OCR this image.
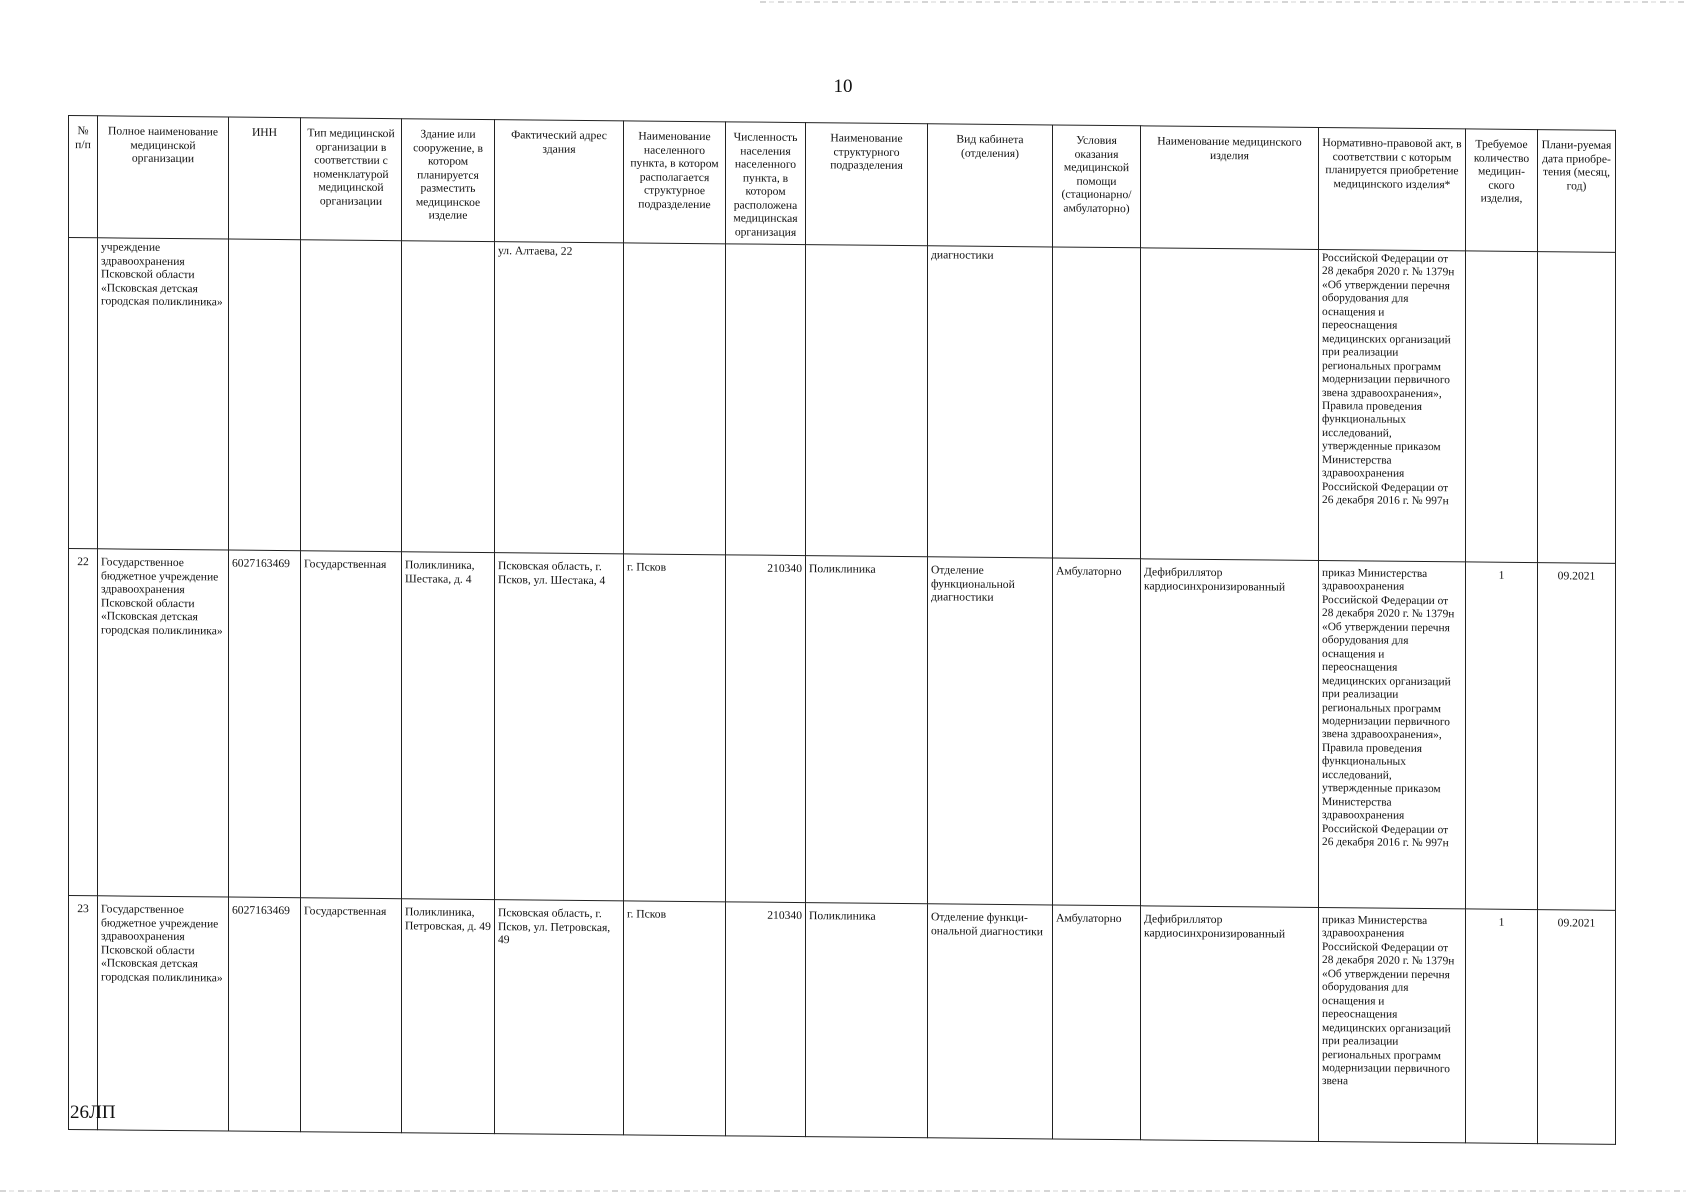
10
№ п/п	Полное наименование медицинской организации	ИНН	Тип медицинской организации в соответствии с номенклатурой медицинской организации	Здание или сооружение, в котором планируется разместить медицинское изделие	Фактический адрес здания	Наименование населенного пункта, в котором располагается структурное подразделение	Численность населения населенного пункта, в котором расположена медицинская организация	Наименование структурного подразделения	Вид кабинета (отделения)	Условия оказания медицинской помощи (стационарно/ амбулаторно)	Наименование медицинского изделия	Нормативно-правовой акт, в соответствии с которым планируется приобретение медицинского изделия*	Требуемое количество медицин-ского изделия,	Плани-руемая дата приобре-тения (месяц, год)
	учреждение здравоохранения Псковской области «Псковская детская городская поликлиника»				ул. Алтаева, 22				диагностики			Российской Федерации от 28 декабря 2020 г. № 1379н «Об утверждении перечня оборудования для оснащения и переоснащения медицинских организаций при реализации региональных программ модернизации первичного звена здравоохранения», Правила проведения функциональных исследований, утвержденные приказом Министерства здравоохранения Российской Федерации от 26 декабря 2016 г. № 997н		
22	Государственное бюджетное учреждение здравоохранения Псковской области «Псковская детская городская поликлиника»	6027163469	Государственная	Поликлиника, Шестака, д. 4	Псковская область, г. Псков, ул. Шестака, 4	г. Псков	210340	Поликлиника	Отделение функциональной диагностики	Амбулаторно	Дефибриллятор кардиосинхронизированный	приказ Министерства здравоохранения Российской Федерации от 28 декабря 2020 г. № 1379н «Об утверждении перечня оборудования для оснащения и переоснащения медицинских организаций при реализации региональных программ модернизации первичного звена здравоохранения», Правила проведения функциональных исследований, утвержденные приказом Министерства здравоохранения Российской Федерации от 26 декабря 2016 г. № 997н	1	09.2021
23	Государственное бюджетное учреждение здравоохранения Псковской области «Псковская детская городская поликлиника»	6027163469	Государственная	Поликлиника, Петровская, д. 49	Псковская область, г. Псков, ул. Петровская, 49	г. Псков	210340	Поликлиника	Отделение функци-ональной диагностики	Амбулаторно	Дефибриллятор кардиосинхронизированный	приказ Министерства здравоохранения Российской Федерации от 28 декабря 2020 г. № 1379н «Об утверждении перечня оборудования для оснащения и переоснащения медицинских организаций при реализации региональных программ модернизации первичного звена	1	09.2021
26ЛП
